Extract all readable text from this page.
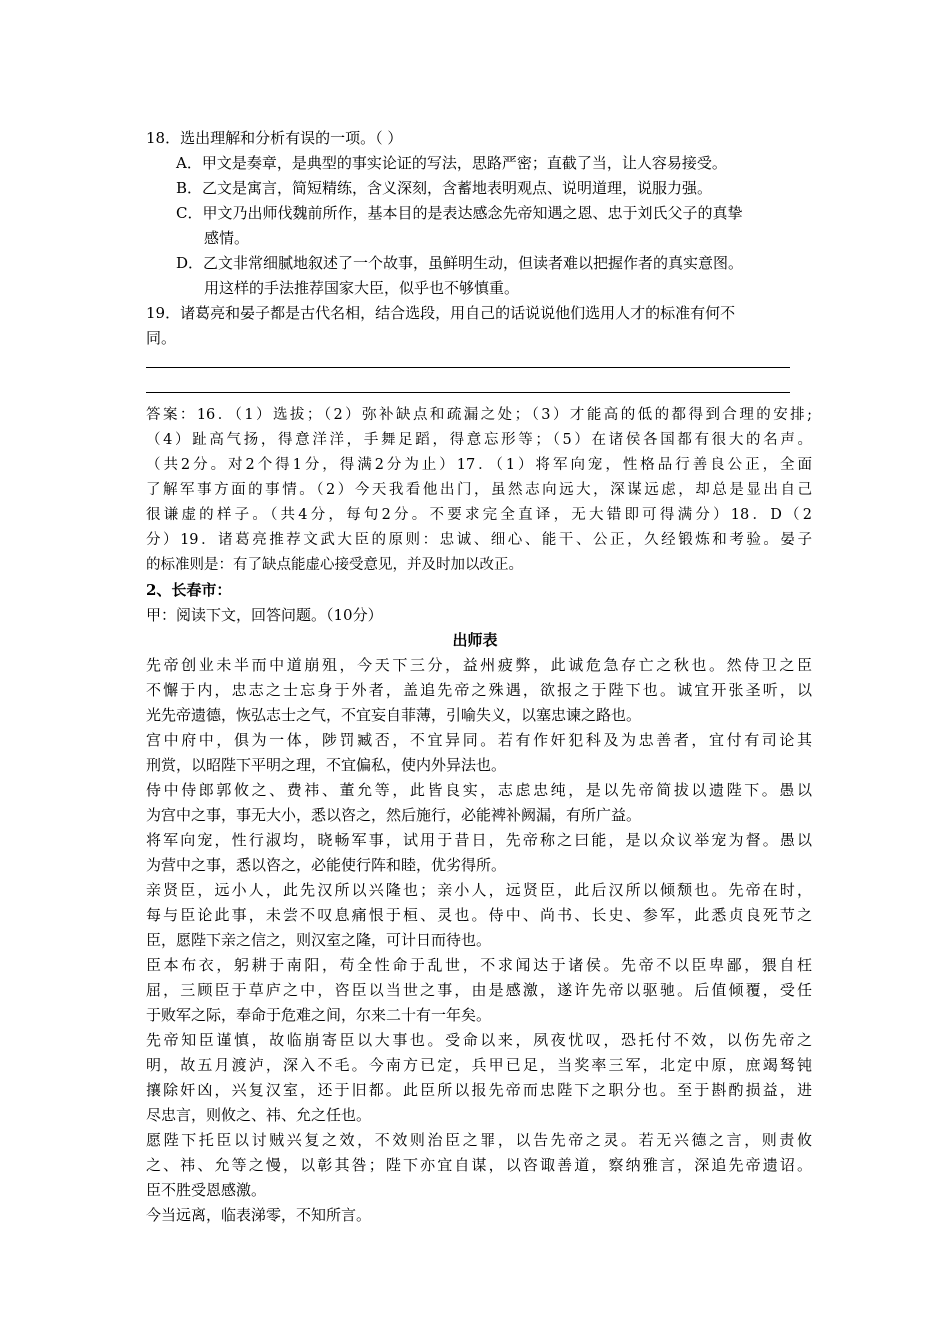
18．选出理解和分析有误的一项。（ ）
A．甲文是奏章，是典型的事实论证的写法，思路严密；直截了当，让人容易接受。
B．乙文是寓言，简短精练，含义深刻，含蓄地表明观点、说明道理，说服力强。
C．甲文乃出师伐魏前所作，基本目的是表达感念先帝知遇之恩、忠于刘氏父子的真挚
感情。
D．乙文非常细腻地叙述了一个故事，虽鲜明生动，但读者难以把握作者的真实意图。
用这样的手法推荐国家大臣，似乎也不够慎重。
19．诸葛亮和晏子都是古代名相，结合选段，用自己的话说说他们选用人才的标准有何不
同。
答案：16．（1）选拔；（2）弥补缺点和疏漏之处；（3）才能高的低的都得到合理的安排;
（4）趾高气扬，得意洋洋，手舞足蹈，得意忘形等；（5）在诸侯各国都有很大的名声。
（共2分。对2个得1分，得满2分为止）17．（1）将军向宠，性格品行善良公正，全面
了解军事方面的事情。（2）今天我看他出门，虽然志向远大，深谋远虑，却总是显出自己
很谦虚的样子。（共4分，每句2分。不要求完全直译，无大错即可得满分）18．D（2
分）19．诸葛亮推荐文武大臣的原则：忠诚、细心、能干、公正，久经锻炼和考验。晏子
的标准则是：有了缺点能虚心接受意见，并及时加以改正。
2、长春市：
甲：阅读下文，回答问题。（10分）
出师表
先帝创业未半而中道崩殂，今天下三分，益州疲弊，此诚危急存亡之秋也。然侍卫之臣
不懈于内，忠志之士忘身于外者，盖追先帝之殊遇，欲报之于陛下也。诚宜开张圣听，以
光先帝遗德，恢弘志士之气，不宜妄自菲薄，引喻失义，以塞忠谏之路也。
宫中府中，俱为一体，陟罚臧否，不宜异同。若有作奸犯科及为忠善者，宜付有司论其
刑赏，以昭陛下平明之理，不宜偏私，使内外异法也。
侍中侍郎郭攸之、费祎、董允等，此皆良实，志虑忠纯，是以先帝简拔以遗陛下。愚以
为宫中之事，事无大小，悉以咨之，然后施行，必能裨补阙漏，有所广益。
将军向宠，性行淑均，晓畅军事，试用于昔日，先帝称之曰能，是以众议举宠为督。愚以
为营中之事，悉以咨之，必能使行阵和睦，优劣得所。
亲贤臣，远小人，此先汉所以兴隆也；亲小人，远贤臣，此后汉所以倾颓也。先帝在时，
每与臣论此事，未尝不叹息痛恨于桓、灵也。侍中、尚书、长史、参军，此悉贞良死节之
臣，愿陛下亲之信之，则汉室之隆，可计日而待也。
臣本布衣，躬耕于南阳，苟全性命于乱世，不求闻达于诸侯。先帝不以臣卑鄙，猥自枉
屈，三顾臣于草庐之中，咨臣以当世之事，由是感激，遂许先帝以驱驰。后值倾覆，受任
于败军之际，奉命于危难之间，尔来二十有一年矣。
先帝知臣谨慎，故临崩寄臣以大事也。受命以来，夙夜忧叹，恐托付不效，以伤先帝之
明，故五月渡泸，深入不毛。今南方已定，兵甲已足，当奖率三军，北定中原，庶竭驽钝
攘除奸凶，兴复汉室，还于旧都。此臣所以报先帝而忠陛下之职分也。至于斟酌损益，进
尽忠言，则攸之、祎、允之任也。
愿陛下托臣以讨贼兴复之效，不效则治臣之罪，以告先帝之灵。若无兴德之言，则责攸
之、祎、允等之慢，以彰其咎；陛下亦宜自谋，以咨诹善道，察纳雅言，深追先帝遗诏。
臣不胜受恩感激。
今当远离，临表涕零，不知所言。
